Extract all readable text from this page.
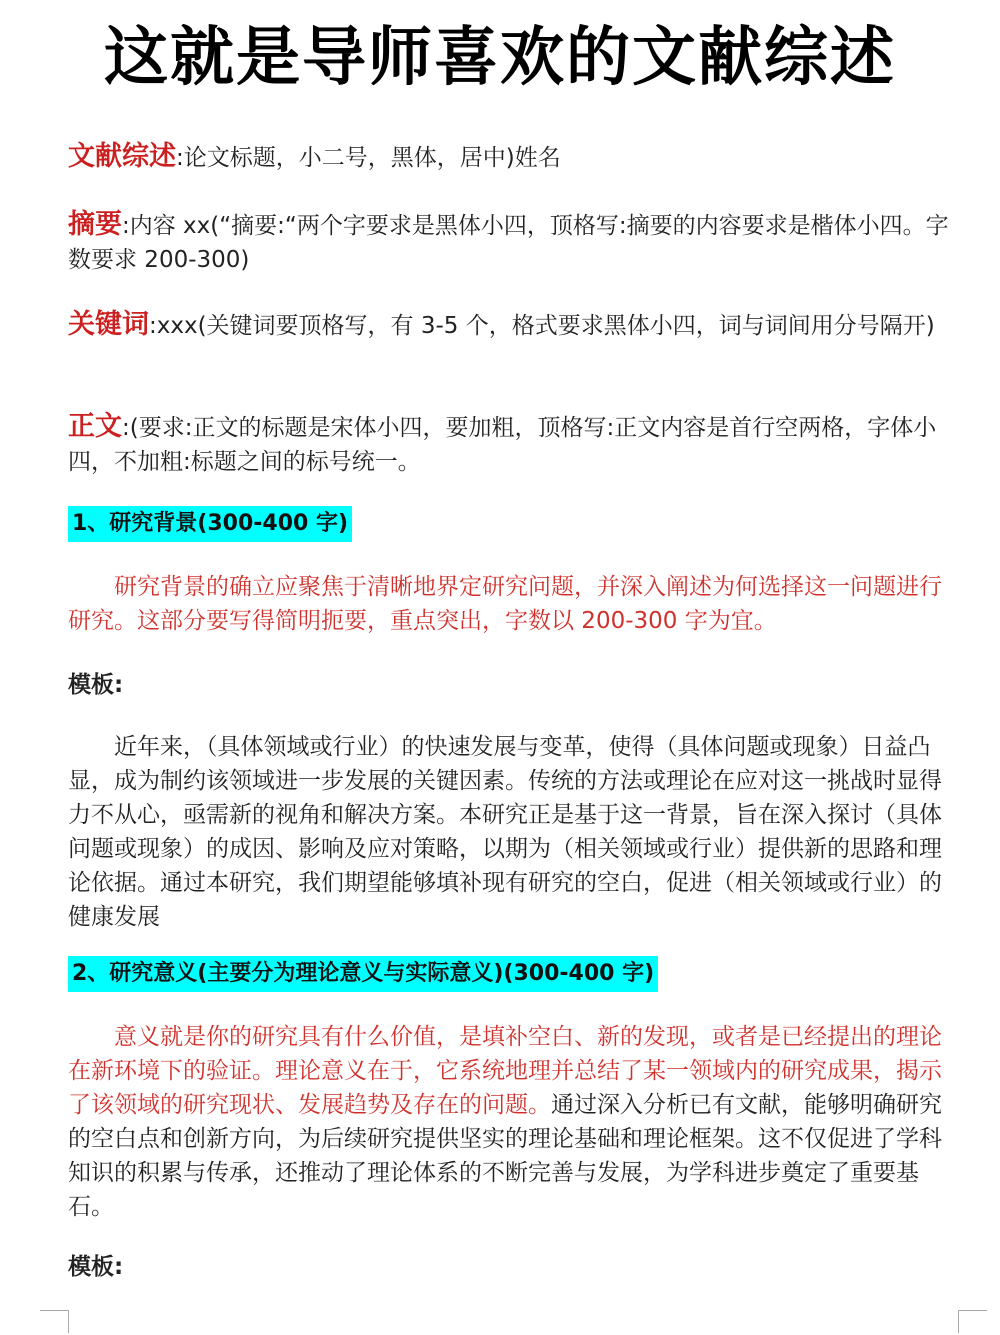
这就是导师喜欢的文献综述

文献综述:论文标题，小二号，黑体，居中)姓名

摘要:内容 xx(“摘要:“两个字要求是黑体小四，顶格写:摘要的内容要求是楷体小四。字数要求 200-300)

关键词:xxx(关键词要顶格写，有 3-5 个，格式要求黑体小四，词与词间用分号隔开)

正文:(要求:正文的标题是宋体小四，要加粗，顶格写:正文内容是首行空两格，字体小四，不加粗:标题之间的标号统一。

1、研究背景(300-400 字)

研究背景的确立应聚焦于清晰地界定研究问题，并深入阐述为何选择这一问题进行研究。这部分要写得简明扼要，重点突出，字数以 200-300 字为宜。

模板:

近年来，（具体领域或行业）的快速发展与变革，使得（具体问题或现象）日益凸显，成为制约该领域进一步发展的关键因素。传统的方法或理论在应对这一挑战时显得力不从心，亟需新的视角和解决方案。本研究正是基于这一背景，旨在深入探讨（具体问题或现象）的成因、影响及应对策略，以期为（相关领域或行业）提供新的思路和理论依据。通过本研究，我们期望能够填补现有研究的空白，促进（相关领域或行业）的健康发展

2、研究意义(主要分为理论意义与实际意义)(300-400 字)

意义就是你的研究具有什么价值，是填补空白、新的发现，或者是已经提出的理论在新环境下的验证。理论意义在于，它系统地理并总结了某一领域内的研究成果，揭示了该领域的研究现状、发展趋势及存在的问题。通过深入分析已有文献，能够明确研究的空白点和创新方向，为后续研究提供坚实的理论基础和理论框架。这不仅促进了学科知识的积累与传承，还推动了理论体系的不断完善与发展，为学科进步奠定了重要基石。

模板:
